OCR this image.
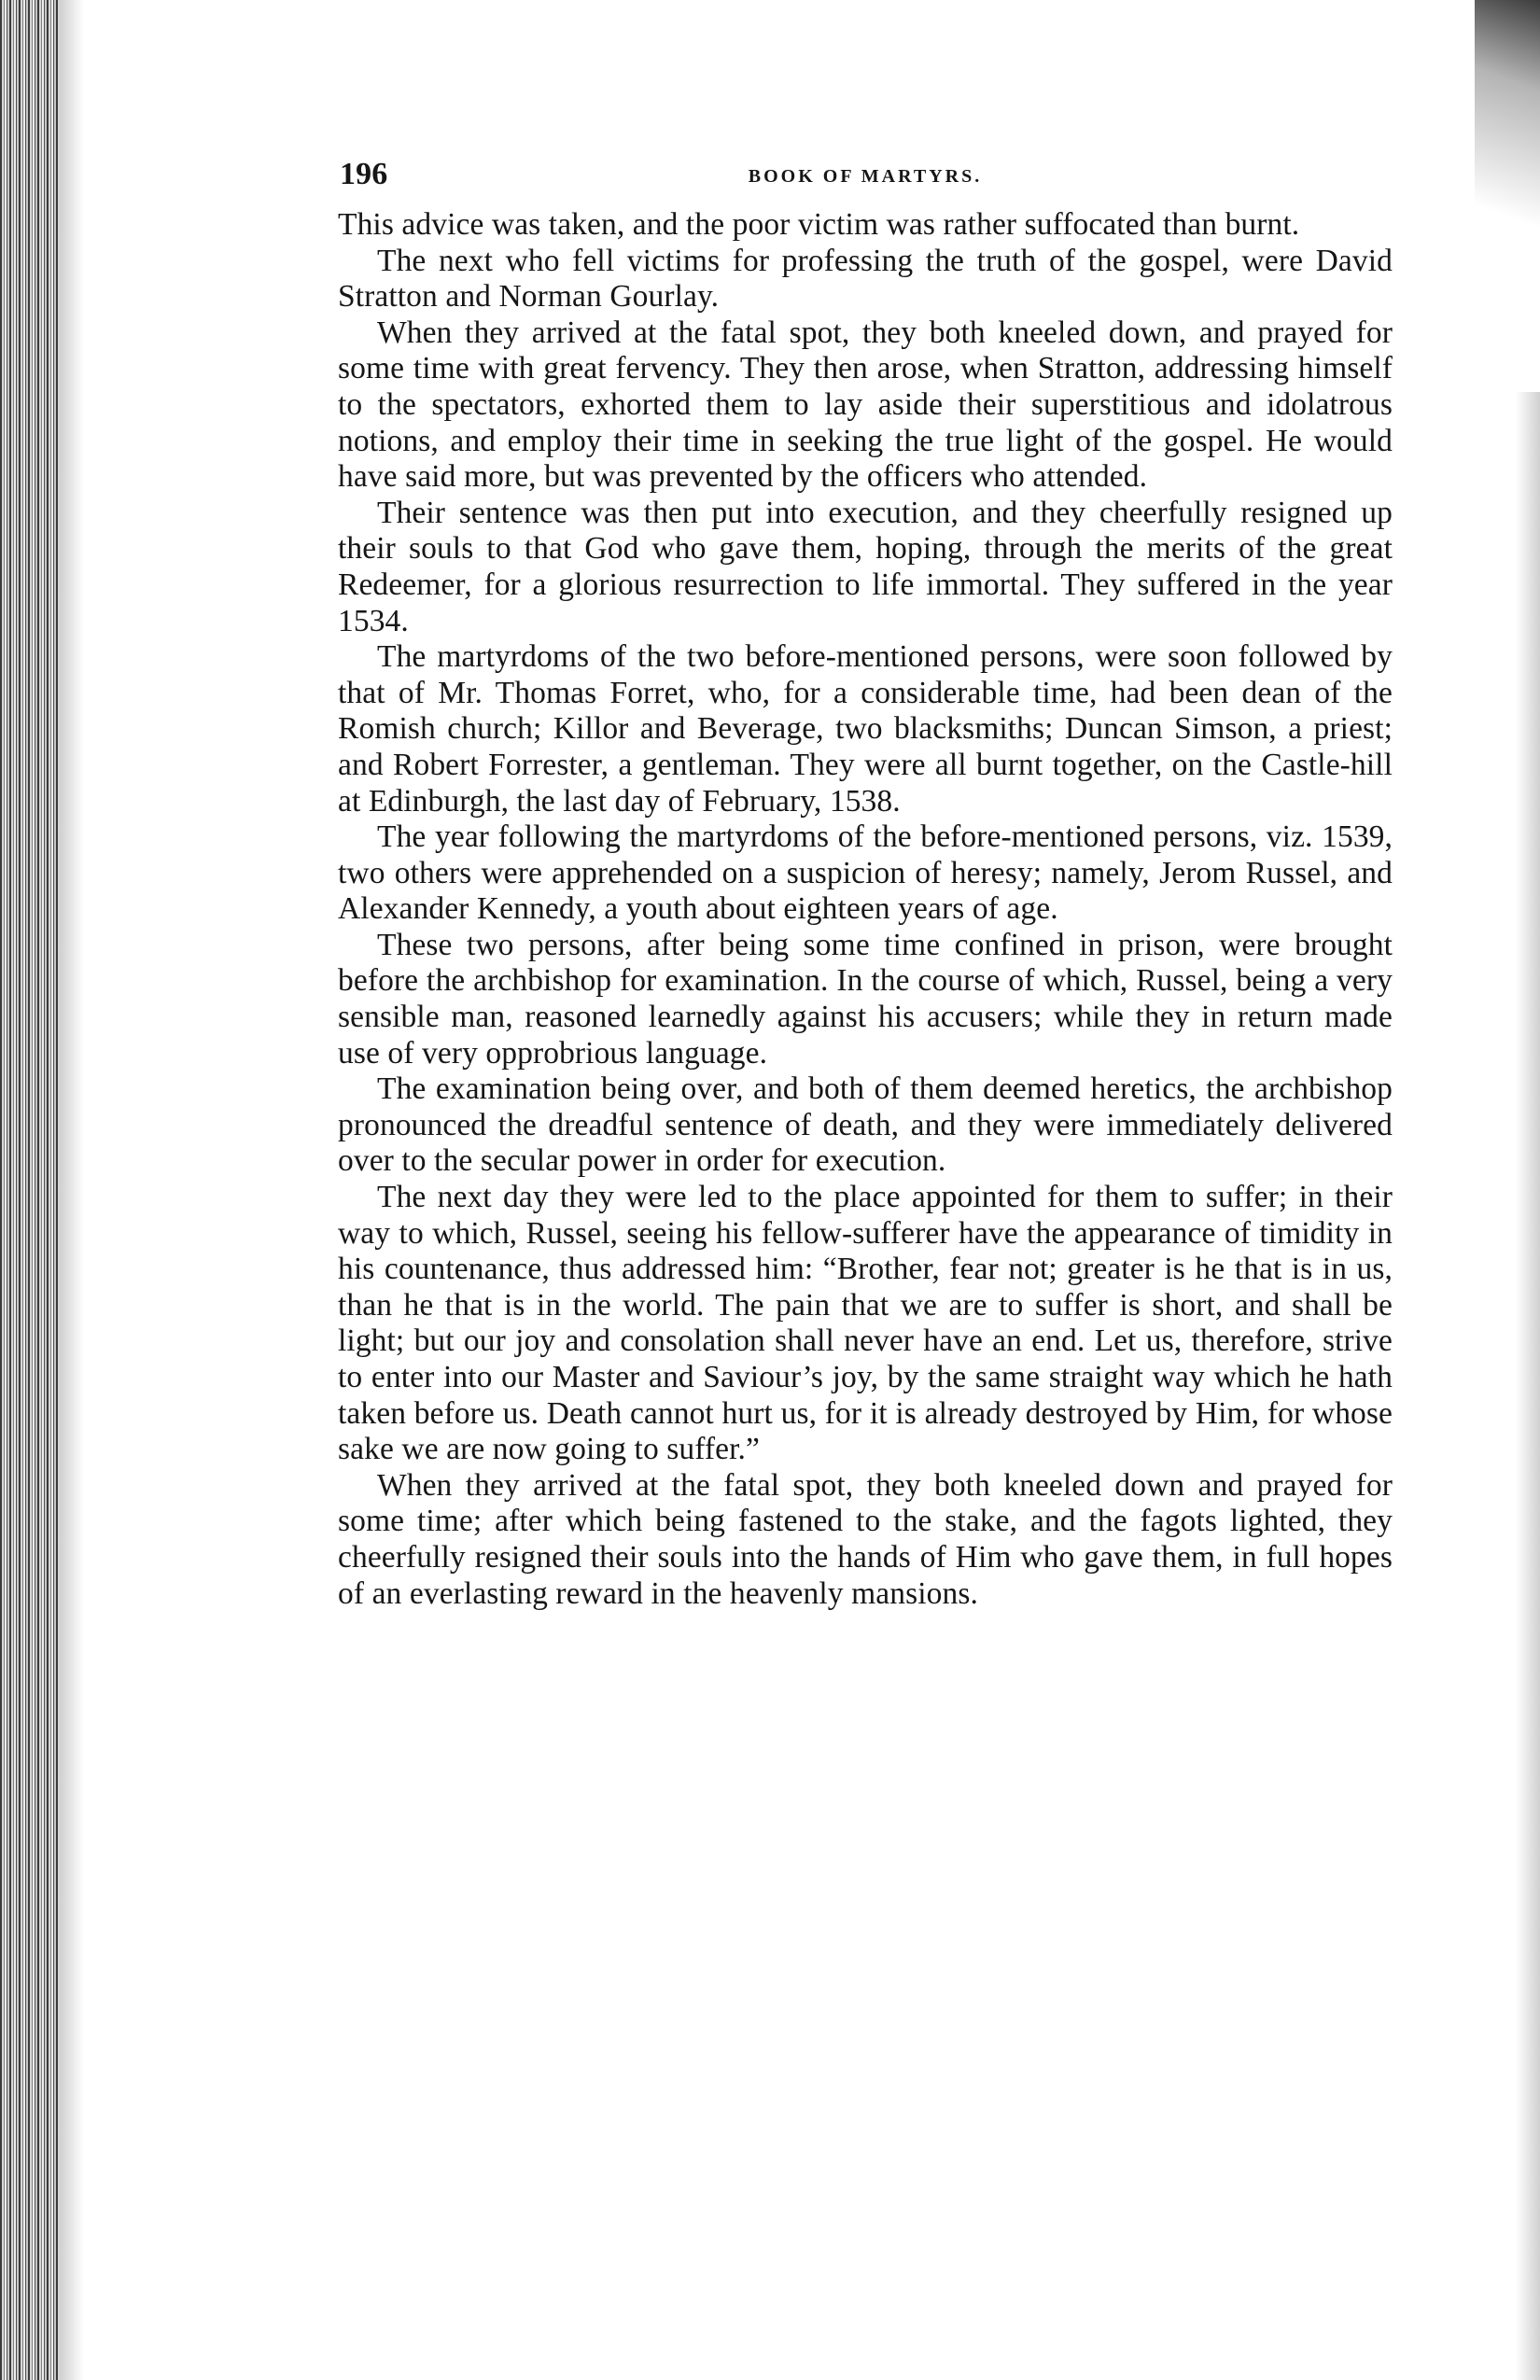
196	BOOK OF MARTYRS.

This advice was taken, and the poor victim was rather suffocated than burnt.

The next who fell victims for professing the truth of the gospel, were David Stratton and Norman Gourlay.

When they arrived at the fatal spot, they both kneeled down, and prayed for some time with great fervency. They then arose, when Stratton, addressing himself to the spectators, exhorted them to lay aside their superstitious and idolatrous notions, and employ their time in seeking the true light of the gospel. He would have said more, but was prevented by the officers who attended.

Their sentence was then put into execution, and they cheerfully resigned up their souls to that God who gave them, hoping, through the merits of the great Redeemer, for a glorious resurrection to life immortal. They suffered in the year 1534.

The martyrdoms of the two before-mentioned persons, were soon followed by that of Mr. Thomas Forret, who, for a considerable time, had been dean of the Romish church; Killor and Beverage, two blacksmiths; Duncan Simson, a priest; and Robert Forrester, a gentleman. They were all burnt together, on the Castle-hill at Edinburgh, the last day of February, 1538.

The year following the martyrdoms of the before-mentioned persons, viz. 1539, two others were apprehended on a suspicion of heresy; namely, Jerom Russel, and Alexander Kennedy, a youth about eighteen years of age.

These two persons, after being some time confined in prison, were brought before the archbishop for examination. In the course of which, Russel, being a very sensible man, reasoned learnedly against his accusers; while they in return made use of very opprobrious language.

The examination being over, and both of them deemed heretics, the archbishop pronounced the dreadful sentence of death, and they were immediately delivered over to the secular power in order for execution.

The next day they were led to the place appointed for them to suffer; in their way to which, Russel, seeing his fellow-sufferer have the appearance of timidity in his countenance, thus addressed him: “Brother, fear not; greater is he that is in us, than he that is in the world. The pain that we are to suffer is short, and shall be light; but our joy and consolation shall never have an end. Let us, therefore, strive to enter into our Master and Saviour’s joy, by the same straight way which he hath taken before us. Death cannot hurt us, for it is already destroyed by Him, for whose sake we are now going to suffer.”

When they arrived at the fatal spot, they both kneeled down and prayed for some time; after which being fastened to the stake, and the fagots lighted, they cheerfully resigned their souls into the hands of Him who gave them, in full hopes of an everlasting reward in the heavenly mansions.
